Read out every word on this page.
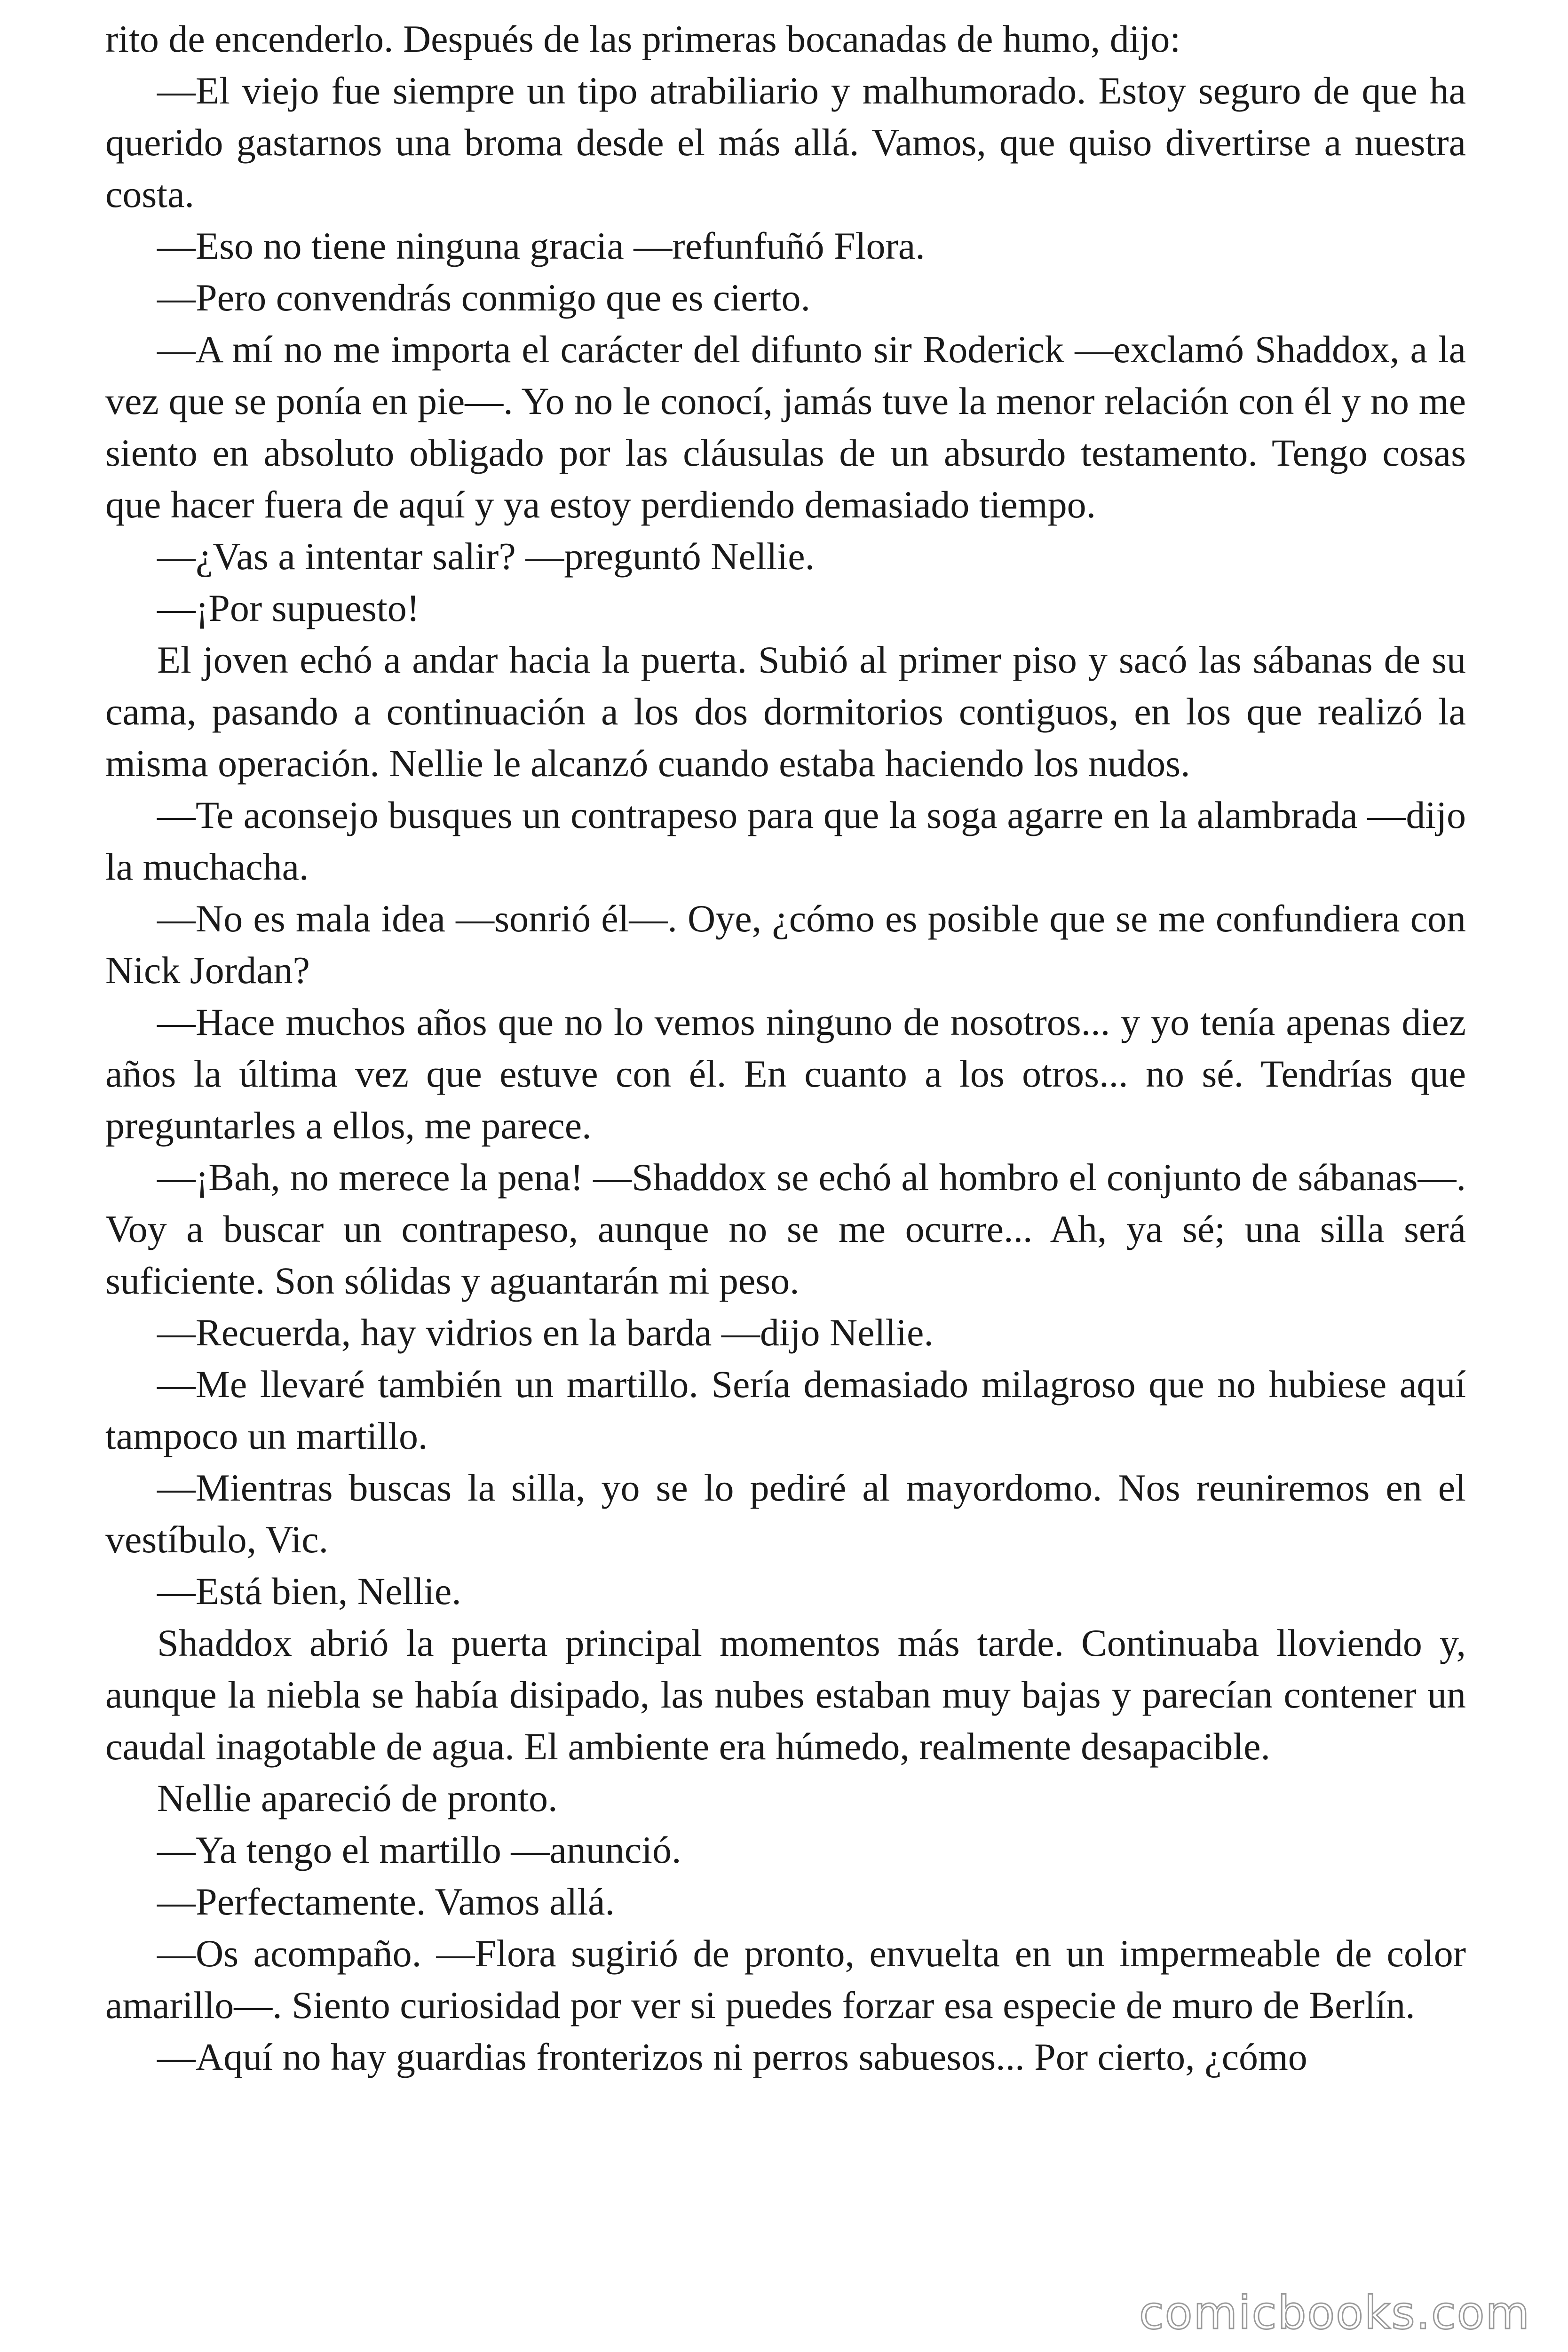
rito de encenderlo. Después de las primeras bocanadas de humo, dijo:

—El viejo fue siempre un tipo atrabiliario y malhumorado. Estoy seguro de que ha querido gastarnos una broma desde el más allá. Vamos, que quiso divertirse a nuestra costa.

—Eso no tiene ninguna gracia —refunfuñó Flora.

—Pero convendrás conmigo que es cierto.

—A mí no me importa el carácter del difunto sir Roderick —exclamó Shaddox, a la vez que se ponía en pie—. Yo no le conocí, jamás tuve la menor relación con él y no me siento en absoluto obligado por las cláusulas de un absurdo testamento. Tengo cosas que hacer fuera de aquí y ya estoy perdiendo demasiado tiempo.

—¿Vas a intentar salir? —preguntó Nellie.

—¡Por supuesto!

El joven echó a andar hacia la puerta. Subió al primer piso y sacó las sábanas de su cama, pasando a continuación a los dos dormitorios contiguos, en los que realizó la misma operación. Nellie le alcanzó cuando estaba haciendo los nudos.

—Te aconsejo busques un contrapeso para que la soga agarre en la alambrada —dijo la muchacha.

—No es mala idea —sonrió él—. Oye, ¿cómo es posible que se me confundiera con Nick Jordan?

—Hace muchos años que no lo vemos ninguno de nosotros... y yo tenía apenas diez años la última vez que estuve con él. En cuanto a los otros... no sé. Tendrías que preguntarles a ellos, me parece.

—¡Bah, no merece la pena! —Shaddox se echó al hombro el conjunto de sábanas—. Voy a buscar un contrapeso, aunque no se me ocurre... Ah, ya sé; una silla será suficiente. Son sólidas y aguantarán mi peso.

—Recuerda, hay vidrios en la barda —dijo Nellie.

—Me llevaré también un martillo. Sería demasiado milagroso que no hubiese aquí tampoco un martillo.

—Mientras buscas la silla, yo se lo pediré al mayordomo. Nos reuniremos en el vestíbulo, Vic.

—Está bien, Nellie.

Shaddox abrió la puerta principal momentos más tarde. Continuaba lloviendo y, aunque la niebla se había disipado, las nubes estaban muy bajas y parecían contener un caudal inagotable de agua. El ambiente era húmedo, realmente desapacible.

Nellie apareció de pronto.

—Ya tengo el martillo —anunció.

—Perfectamente. Vamos allá.

—Os acompaño. —Flora sugirió de pronto, envuelta en un impermeable de color amarillo—. Siento curiosidad por ver si puedes forzar esa especie de muro de Berlín.

—Aquí no hay guardias fronterizos ni perros sabuesos... Por cierto, ¿cómo

comicbooks.com
